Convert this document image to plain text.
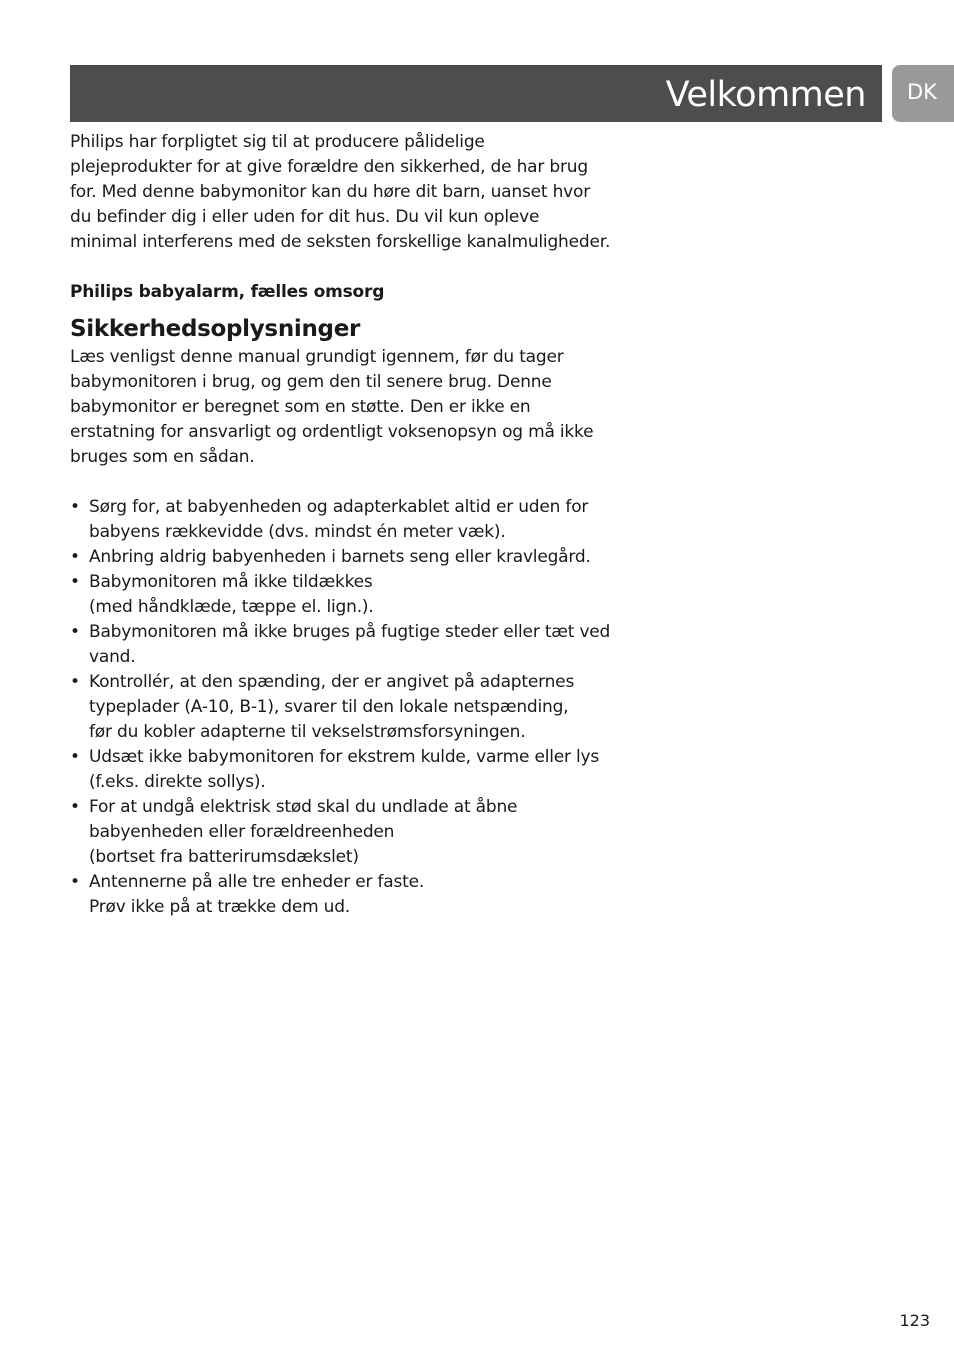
Velkommen DK

Philips har forpligtet sig til at producere pålidelige
plejeprodukter for at give forældre den sikkerhed, de har brug
for. Med denne babymonitor kan du høre dit barn, uanset hvor
du befinder dig i eller uden for dit hus. Du vil kun opleve
minimal interferens med de seksten forskellige kanalmuligheder.

Philips babyalarm, fælles omsorg

Sikkerhedsoplysninger

Læs venligst denne manual grundigt igennem, før du tager
babymonitoren i brug, og gem den til senere brug. Denne
babymonitor er beregnet som en støtte. Den er ikke en
erstatning for ansvarligt og ordentligt voksenopsyn og må ikke
bruges som en sådan.

• Sørg for, at babyenheden og adapterkablet altid er uden for
babyens rækkevidde (dvs. mindst én meter væk).
• Anbring aldrig babyenheden i barnets seng eller kravlegård.
• Babymonitoren må ikke tildækkes
(med håndklæde, tæppe el. lign.).
• Babymonitoren må ikke bruges på fugtige steder eller tæt ved
vand.
• Kontrollér, at den spænding, der er angivet på adapternes
typeplader (A-10, B-1), svarer til den lokale netspænding,
før du kobler adapterne til vekselstrømsforsyningen.
• Udsæt ikke babymonitoren for ekstrem kulde, varme eller lys
(f.eks. direkte sollys).
• For at undgå elektrisk stød skal du undlade at åbne
babyenheden eller forældreenheden
(bortset fra batterirumsdækslet)
• Antennerne på alle tre enheder er faste.
Prøv ikke på at trække dem ud.
123
